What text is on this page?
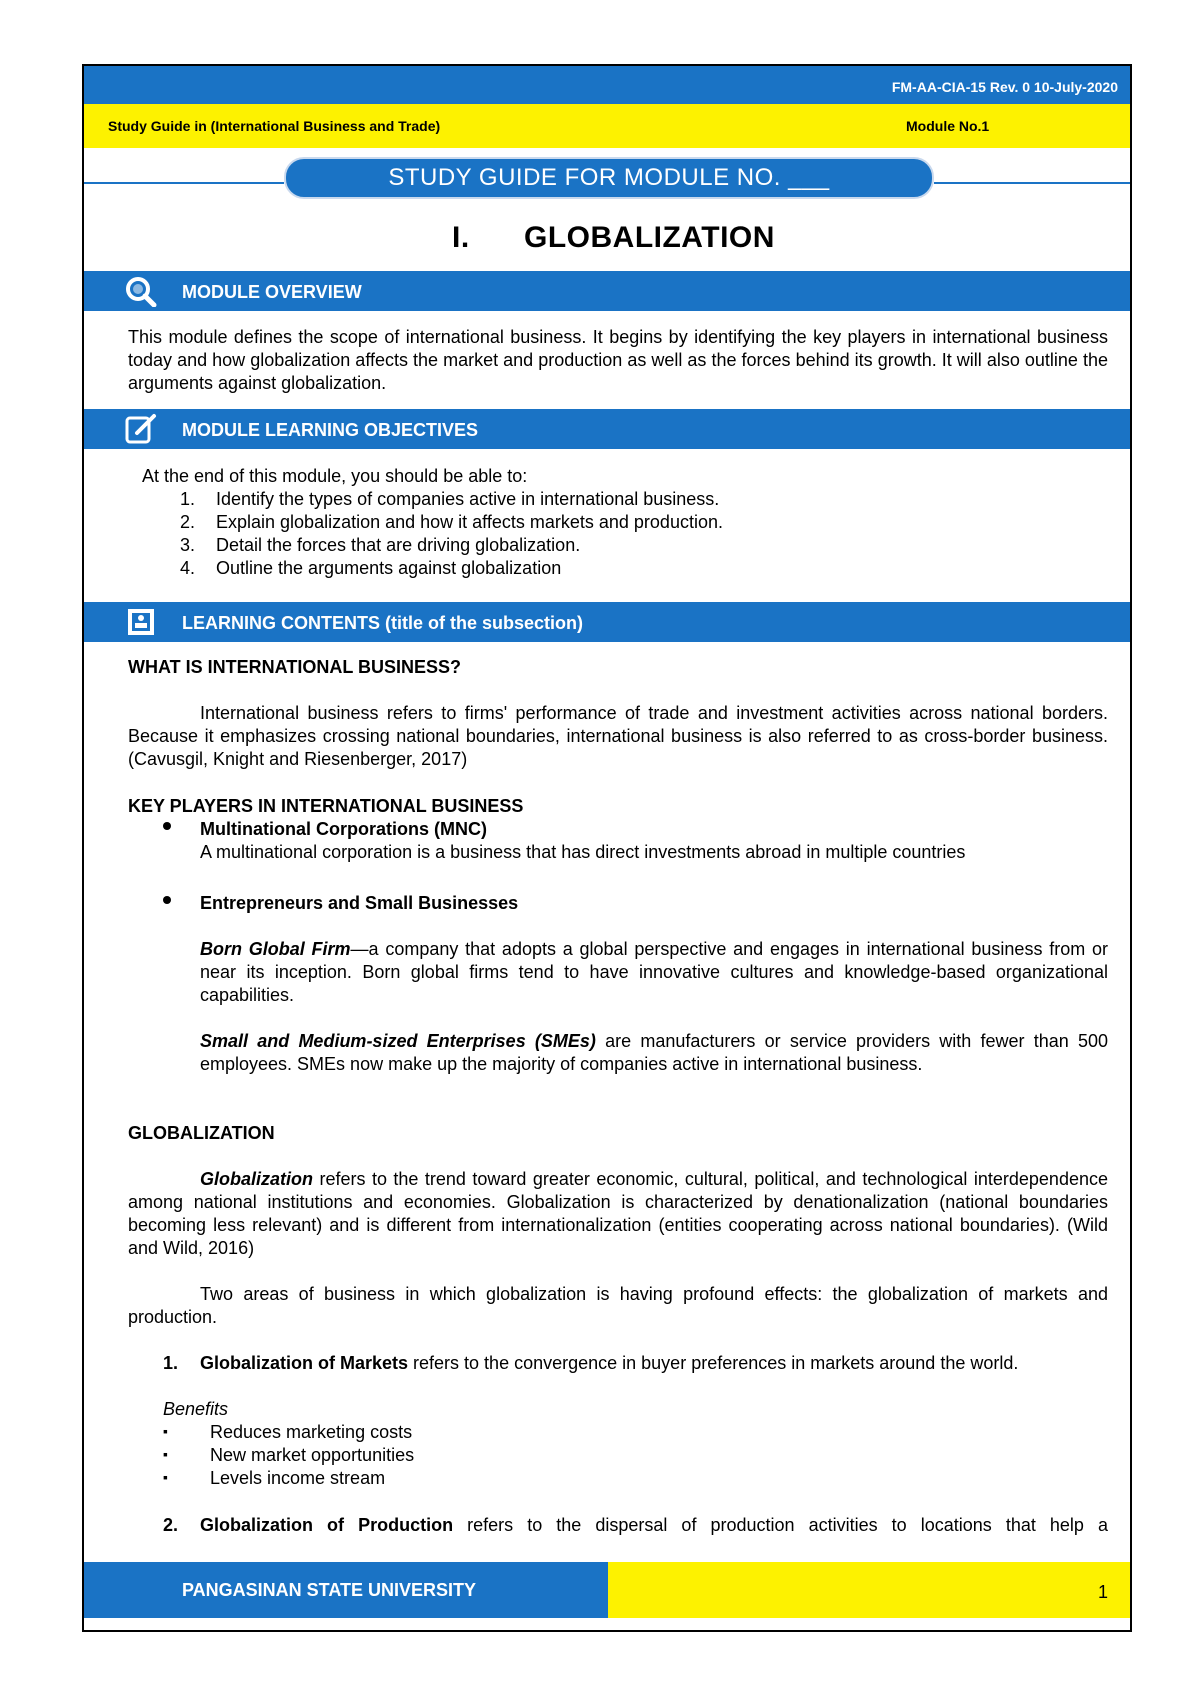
FM-AA-CIA-15 Rev. 0 10-July-2020
Study Guide in (International Business and Trade)	Module No.1
STUDY GUIDE FOR MODULE NO. ___
I. GLOBALIZATION
MODULE OVERVIEW
This module defines the scope of international business. It begins by identifying the key players in international business today and how globalization affects the market and production as well as the forces behind its growth. It will also outline the arguments against globalization.
MODULE LEARNING OBJECTIVES
At the end of this module, you should be able to:
1. Identify the types of companies active in international business.
2. Explain globalization and how it affects markets and production.
3. Detail the forces that are driving globalization.
4. Outline the arguments against globalization
LEARNING CONTENTS (title of the subsection)
WHAT IS INTERNATIONAL BUSINESS?
International business refers to firms' performance of trade and investment activities across national borders. Because it emphasizes crossing national boundaries, international business is also referred to as cross-border business. (Cavusgil, Knight and Riesenberger, 2017)
KEY PLAYERS IN INTERNATIONAL BUSINESS
Multinational Corporations (MNC)
A multinational corporation is a business that has direct investments abroad in multiple countries
Entrepreneurs and Small Businesses
Born Global Firm—a company that adopts a global perspective and engages in international business from or near its inception. Born global firms tend to have innovative cultures and knowledge-based organizational capabilities.
Small and Medium-sized Enterprises (SMEs) are manufacturers or service providers with fewer than 500 employees. SMEs now make up the majority of companies active in international business.
GLOBALIZATION
Globalization refers to the trend toward greater economic, cultural, political, and technological interdependence among national institutions and economies. Globalization is characterized by denationalization (national boundaries becoming less relevant) and is different from internationalization (entities cooperating across national boundaries). (Wild and Wild, 2016)
Two areas of business in which globalization is having profound effects: the globalization of markets and production.
1. Globalization of Markets refers to the convergence in buyer preferences in markets around the world.
Benefits
▪ Reduces marketing costs
▪ New market opportunities
▪ Levels income stream
2. Globalization of Production refers to the dispersal of production activities to locations that help a
PANGASINAN STATE UNIVERSITY	1
